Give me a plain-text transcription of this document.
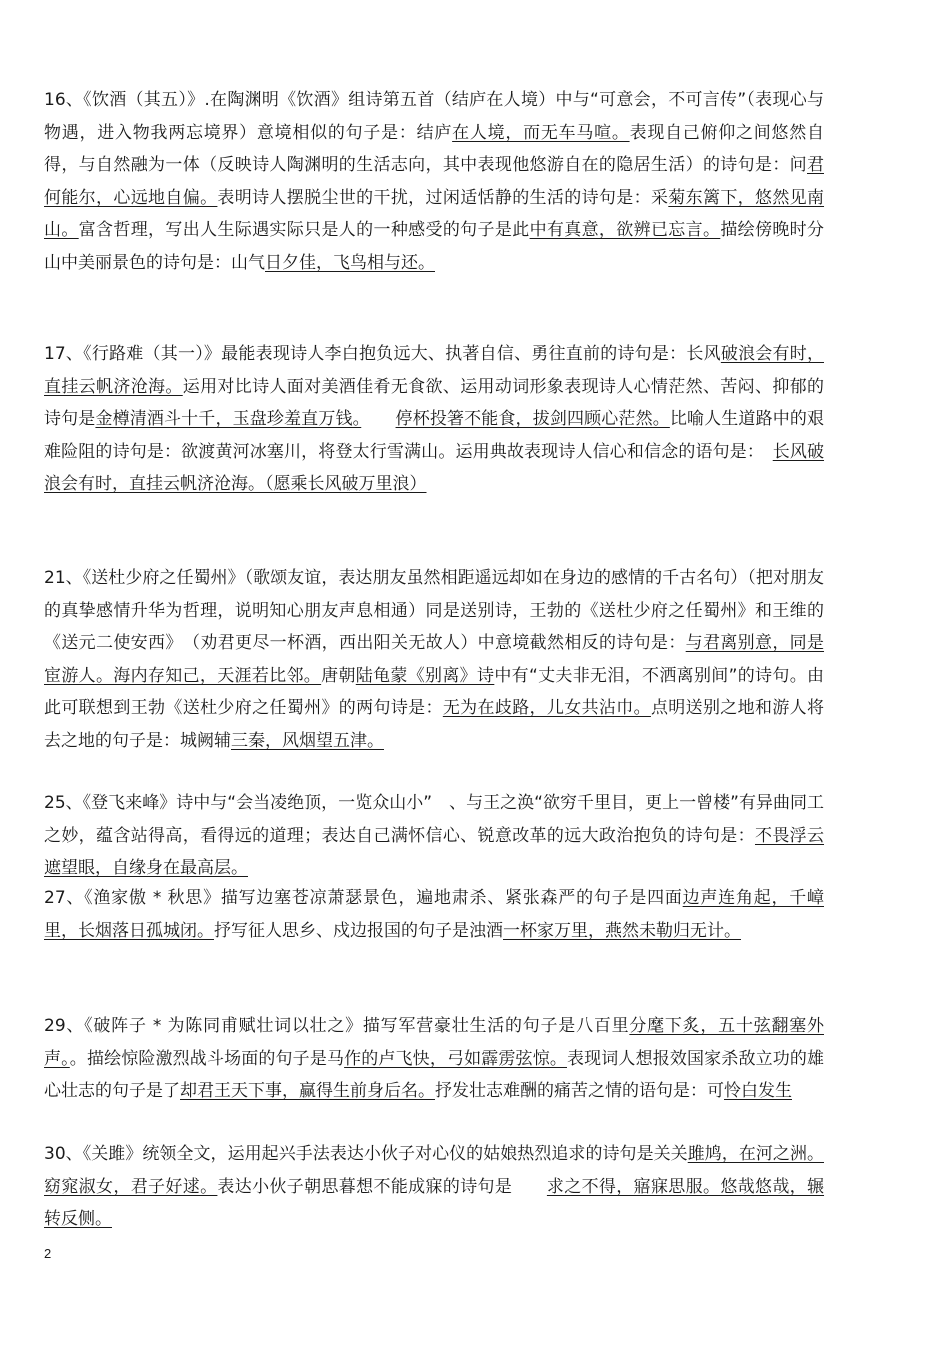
16、《饮酒（其五）》.在陶渊明《饮酒》组诗第五首（结庐在人境）中与“可意会，不可言传”（表现心与物遇，进入物我两忘境界）意境相似的句子是：结庐在人境，而无车马喧。表现自己俯仰之间悠然自得，与自然融为一体（反映诗人陶渊明的生活志向，其中表现他悠游自在的隐居生活）的诗句是：问君何能尔，心远地自偏。表明诗人摆脱尘世的干扰，过闲适恬静的生活的诗句是：采菊东篱下，悠然见南山。富含哲理，写出人生际遇实际只是人的一种感受的句子是此中有真意，欲辨已忘言。描绘傍晚时分山中美丽景色的诗句是：山气日夕佳，飞鸟相与还。
17、《行路难（其一）》最能表现诗人李白抱负远大、执著自信、勇往直前的诗句是：长风破浪会有时，直挂云帆济沧海。运用对比诗人面对美酒佳肴无食欲、运用动词形象表现诗人心情茫然、苦闷、抑郁的诗句是金樽清酒斗十千，玉盘珍羞直万钱。　　 停杯投箸不能食，拔剑四顾心茫然。比喻人生道路中的艰难险阻的诗句是：欲渡黄河冰塞川，将登太行雪满山。运用典故表现诗人信心和信念的语句是：　长风破浪会有时，直挂云帆济沧海。（愿乘长风破万里浪）
21、《送杜少府之任蜀州》（歌颂友谊，表达朋友虽然相距遥远却如在身边的感情的千古名句）（把对朋友的真挚感情升华为哲理，说明知心朋友声息相通）同是送别诗，王勃的《送杜少府之任蜀州》和王维的《送元二使安西》　（劝君更尽一杯酒，西出阳关无故人）中意境截然相反的诗句是：与君离别意，同是宦游人。海内存知己，天涯若比邻。唐朝陆龟蒙《别离》诗中有“丈夫非无泪，不洒离别间”的诗句。由此可联想到王勃《送杜少府之任蜀州》的两句诗是：无为在歧路，儿女共沾巾。点明送别之地和游人将去之地的句子是：城阙辅三秦，风烟望五津。
25、《登飞来峰》诗中与“会当凌绝顶，一览众山小”　、与王之涣“欲穷千里目，更上一曾楼”有异曲同工之妙，蕴含站得高，看得远的道理；表达自己满怀信心、锐意改革的远大政治抱负的诗句是：不畏浮云遮望眼，自缘身在最高层。
27、《渔家傲 * 秋思》描写边塞苍凉萧瑟景色，遍地肃杀、紧张森严的句子是四面边声连角起，千嶂里，长烟落日孤城闭。抒写征人思乡、戍边报国的句子是浊酒一杯家万里，燕然未勒归无计。
29、《破阵子 * 为陈同甫赋壮词以壮之》描写军营豪壮生活的句子是八百里分麾下炙，五十弦翻塞外声。。描绘惊险激烈战斗场面的句子是马作的卢飞快，弓如霹雳弦惊。表现词人想报效国家杀敌立功的雄心壮志的句子是了却君王天下事，赢得生前身后名。抒发壮志难酬的痛苦之情的语句是：可怜白发生
30、《关雎》统领全文，运用起兴手法表达小伙子对心仪的姑娘热烈追求的诗句是关关雎鸠，在河之洲。窈窕淑女，君子好逑。表达小伙子朝思暮想不能成寐的诗句是　　求之不得，寤寐思服。悠哉悠哉，辗转反侧。
2
